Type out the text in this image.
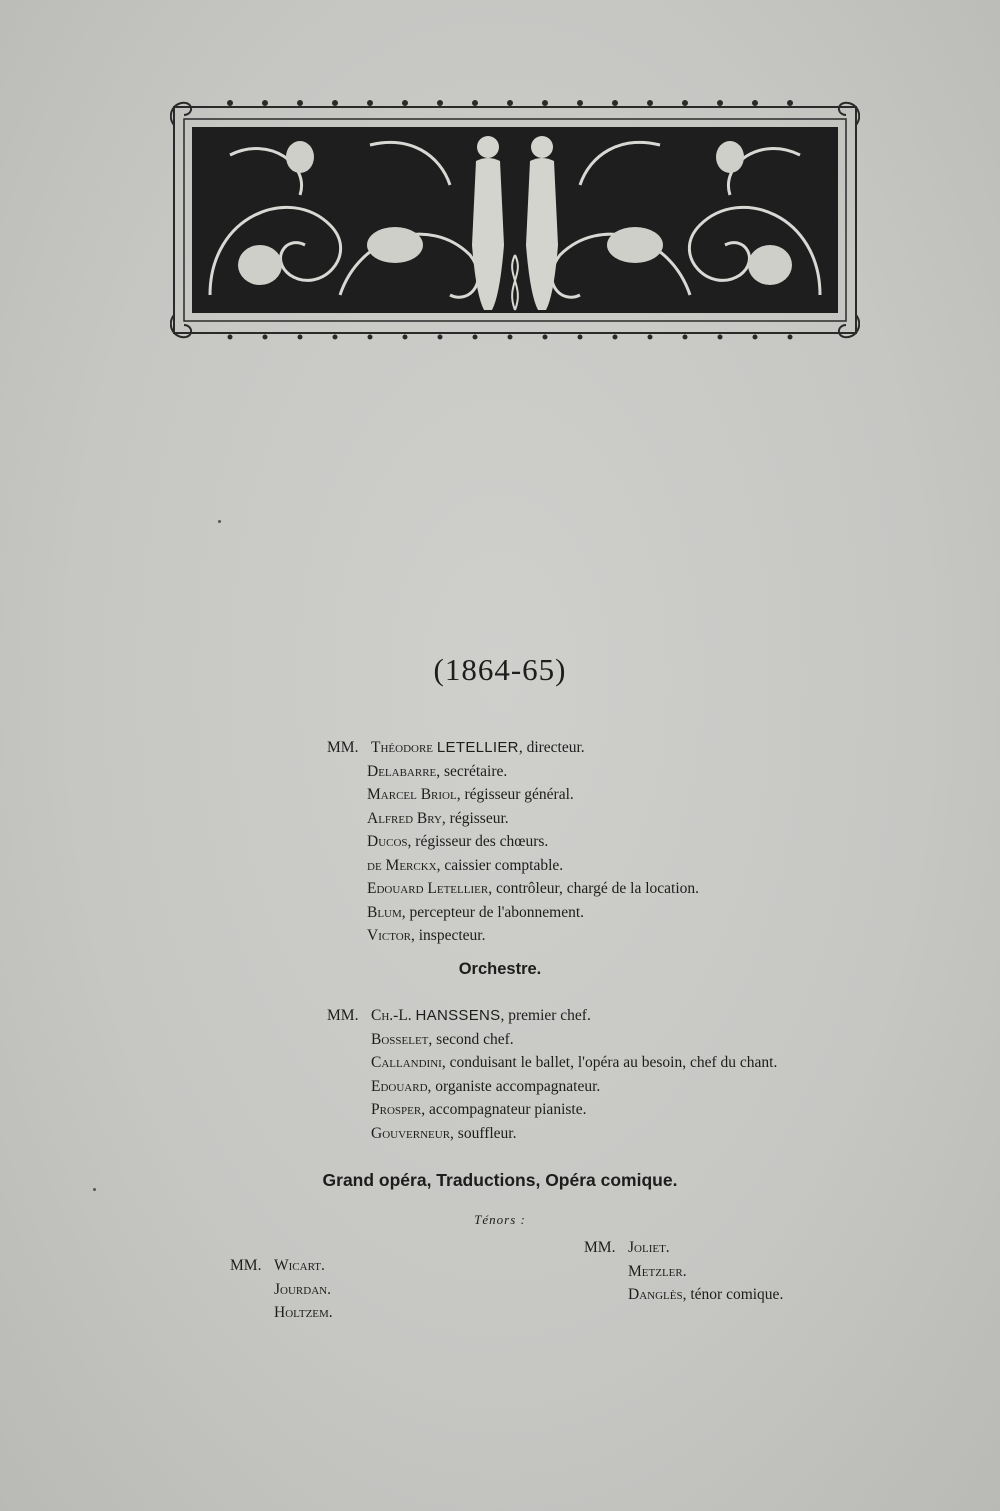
(1864-65)
MM. Théodore LETELLIER, directeur.
Delabarre, secrétaire.
Marcel Briol, régisseur général.
Alfred Bry, régisseur.
Ducos, régisseur des chœurs.
de Merckx, caissier comptable.
Edouard Letellier, contrôleur, chargé de la location.
Blum, percepteur de l'abonnement.
Victor, inspecteur.
Orchestre.
MM. Ch.-L. HANSSENS, premier chef.
Bosselet, second chef.
Callandini, conduisant le ballet, l'opéra au besoin, chef du chant.
Edouard, organiste accompagnateur.
Prosper, accompagnateur pianiste.
Gouverneur, souffleur.
Grand opéra, Traductions, Opéra comique.
Ténors :
MM. Wicart.
Jourdan.
Holtzem.
MM. Joliet.
Metzler.
Danglès, ténor comique.
